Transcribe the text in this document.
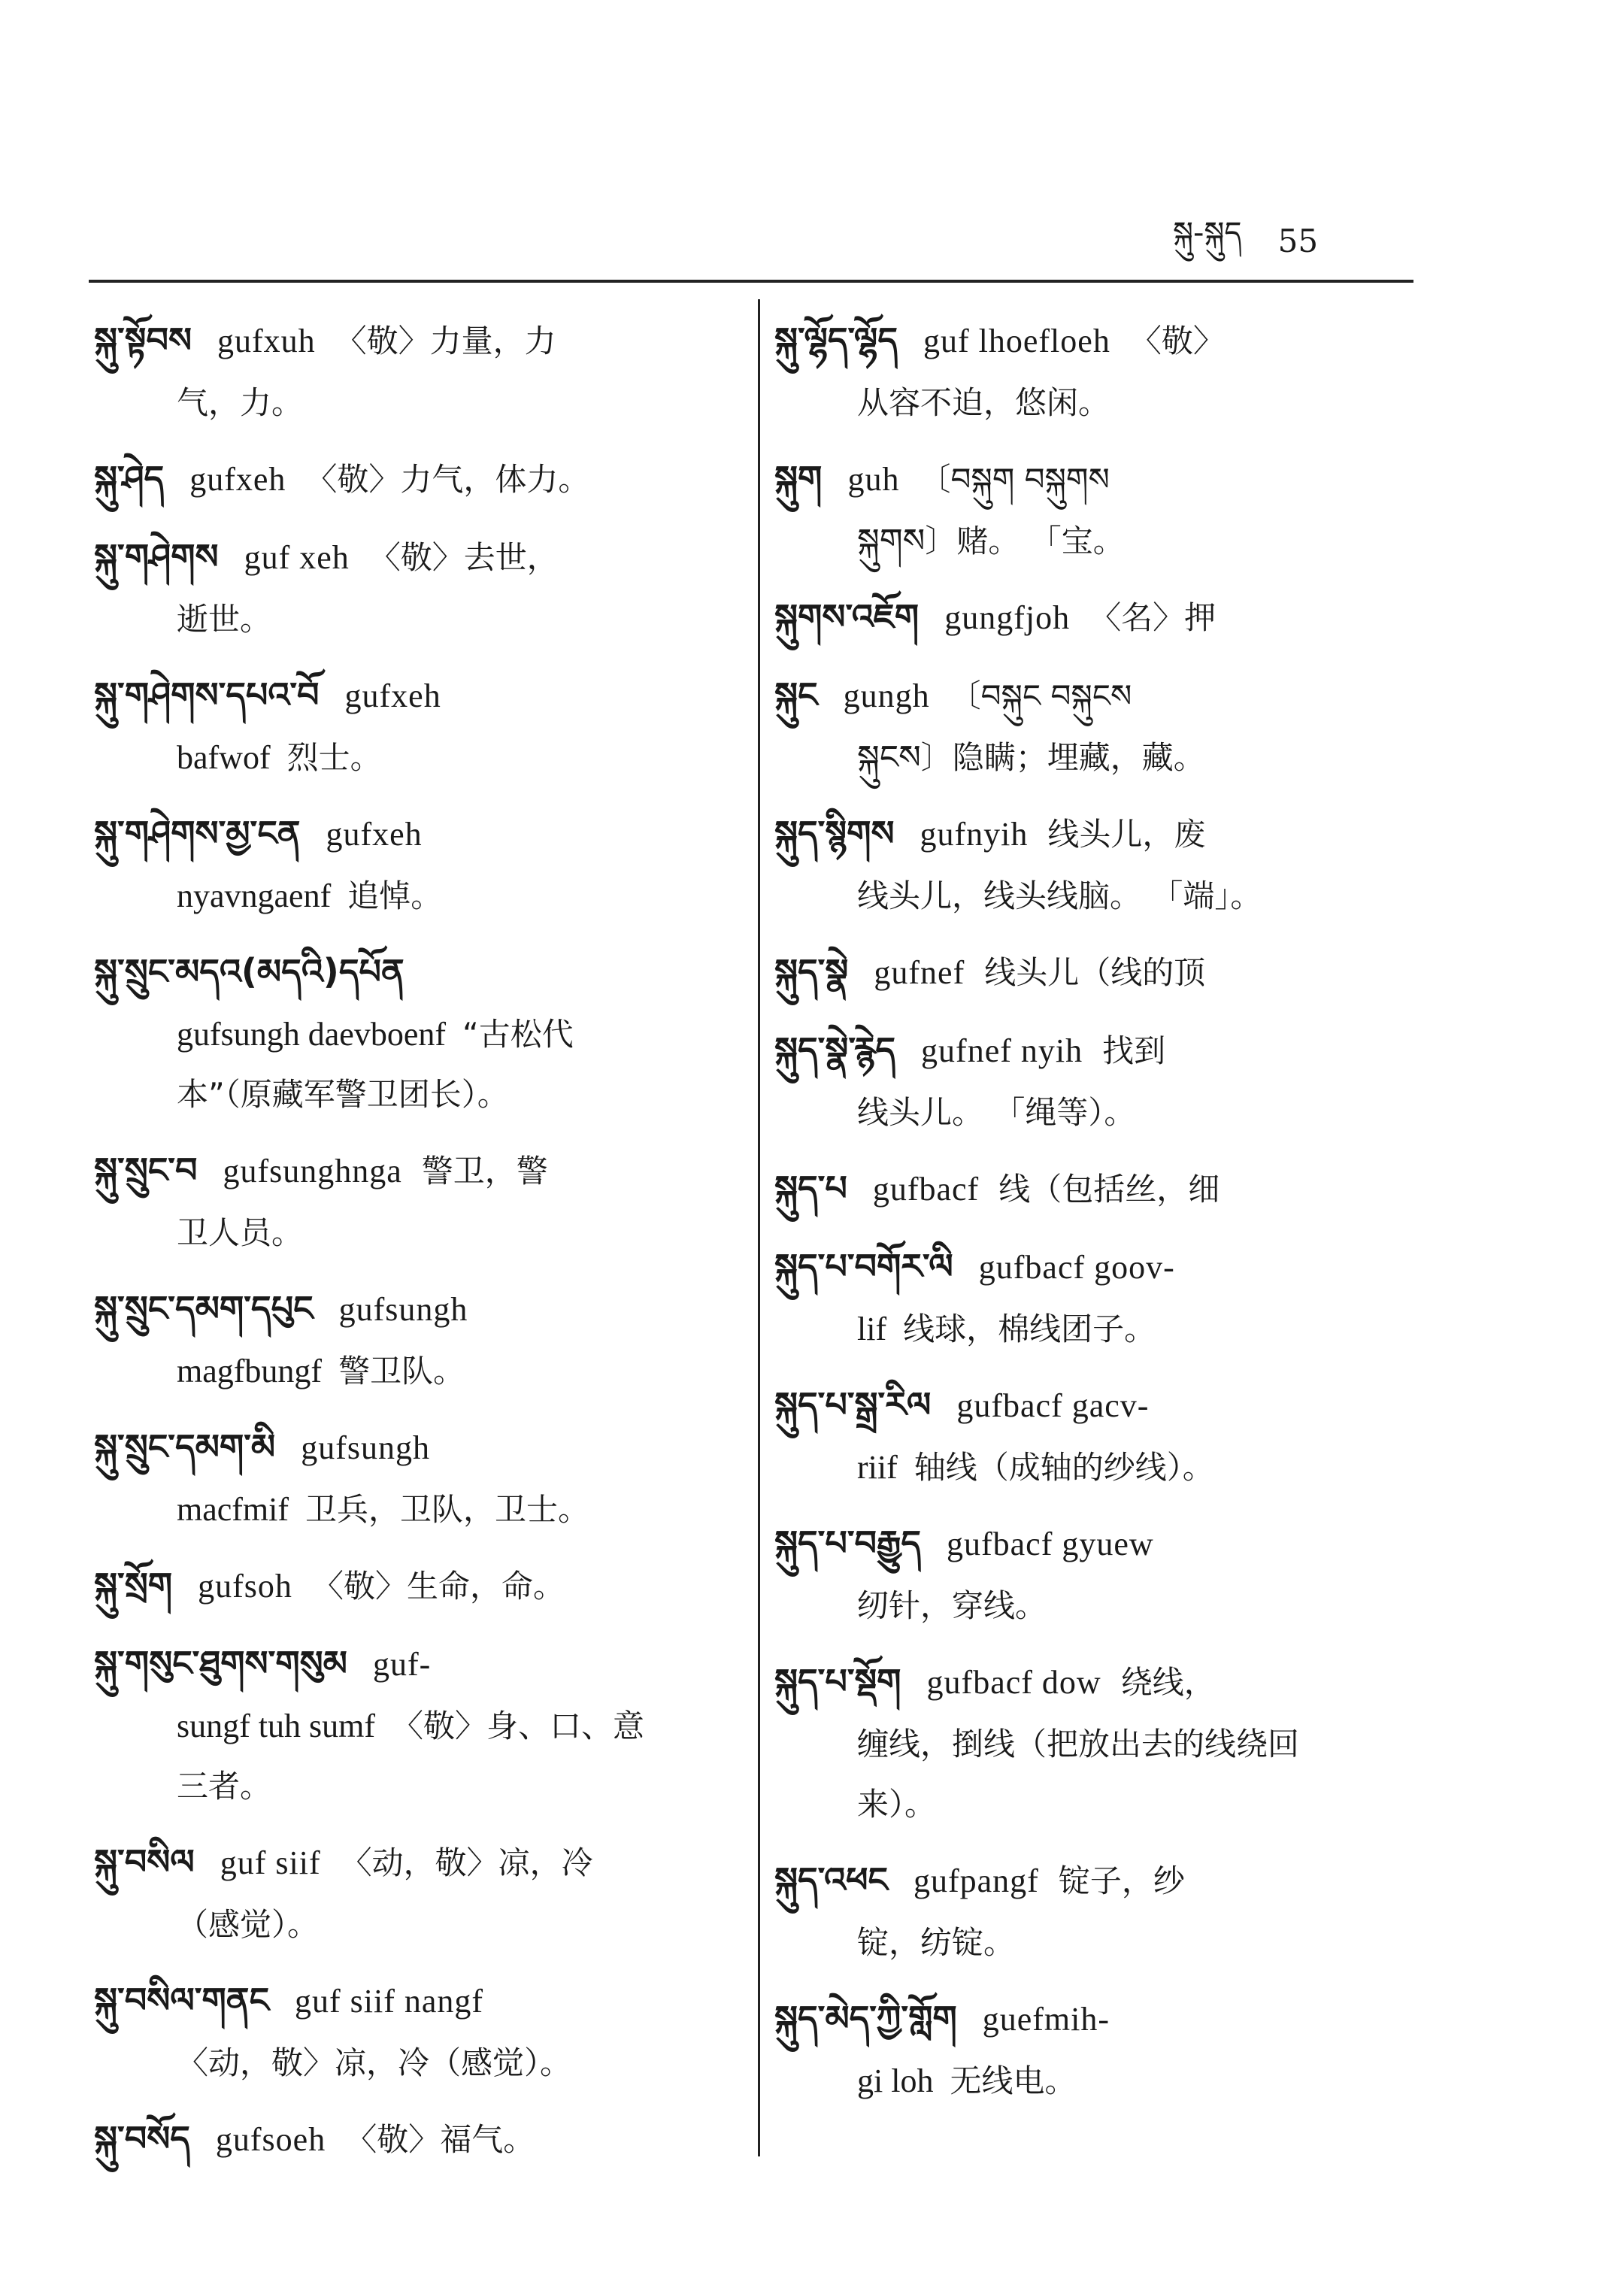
སྐུ-སྐུད 55
སྐུ་སྟོབས gufxuh 〈敬〉力量，力
气，力。
སྐུ་ཤེད gufxeh 〈敬〉力气，体力。
སྐུ་གཤེགས guf xeh 〈敬〉去世，
逝世。
སྐུ་གཤེགས་དཔའ་བོ gufxeh
bafwof 烈士。
སྐུ་གཤེགས་མྱ་ངན gufxeh
nyavngaenf 追悼。
སྐུ་སྲུང་མདའ(མདའི)དཔོན
gufsungh daevboenf “古松代
本”（原藏军警卫团长）。
སྐུ་སྲུང་བ gufsunghnga 警卫，警
卫人员。
སྐུ་སྲུང་དམག་དཔུང gufsungh
magfbungf 警卫队。
སྐུ་སྲུང་དམག་མི gufsungh
macfmif 卫兵，卫队，卫士。
སྐུ་སྲོག gufsoh 〈敬〉生命，命。
སྐུ་གསུང་ཐུགས་གསུམ guf-
sungf tuh sumf 〈敬〉身、口、意
三者。
སྐུ་བསིལ guf siif 〈动，敬〉凉，冷
（感觉）。
སྐུ་བསིལ་གནང guf siif nangf
〈动，敬〉凉，冷（感觉）。
སྐུ་བསོད gufsoeh 〈敬〉福气。
སྐུ་ལྷོད་ལྷོད guf lhoefloeh 〈敬〉
从容不迫，悠闲。
སྐུག guh 〔བསྐུག བསྐུགས
སྐུགས〕赌。 「宝。
སྐུགས་འཇོག gungfjoh 〈名〉押
སྐུང gungh 〔བསྐུང བསྐུངས
སྐུངས〕隐瞒；埋藏，藏。
སྐུད་སྙིགས gufnyih 线头儿，废
线头儿，线头线脑。 「端」。
སྐུད་སྣེ gufnef 线头儿（线的顶
སྐུད་སྣེ་རྙེད gufnef nyih 找到
线头儿。 「绳等）。
སྐུད་པ gufbacf 线（包括丝，细
སྐུད་པ་བགོར་ལི gufbacf goov-
lif 线球，棉线团子。
སྐུད་པ་སྒྲ་རིལ gufbacf gacv-
riif 轴线（成轴的纱线）。
སྐུད་པ་བརྒྱུད gufbacf gyuew
纫针，穿线。
སྐུད་པ་སྡོག gufbacf dow 绕线，
缠线，捯线（把放出去的线绕回
来）。
སྐུད་འཕང gufpangf 锭子，纱
锭，纺锭。
སྐུད་མེད་ཀྱི་གློག guefmih-
gi loh 无线电。
